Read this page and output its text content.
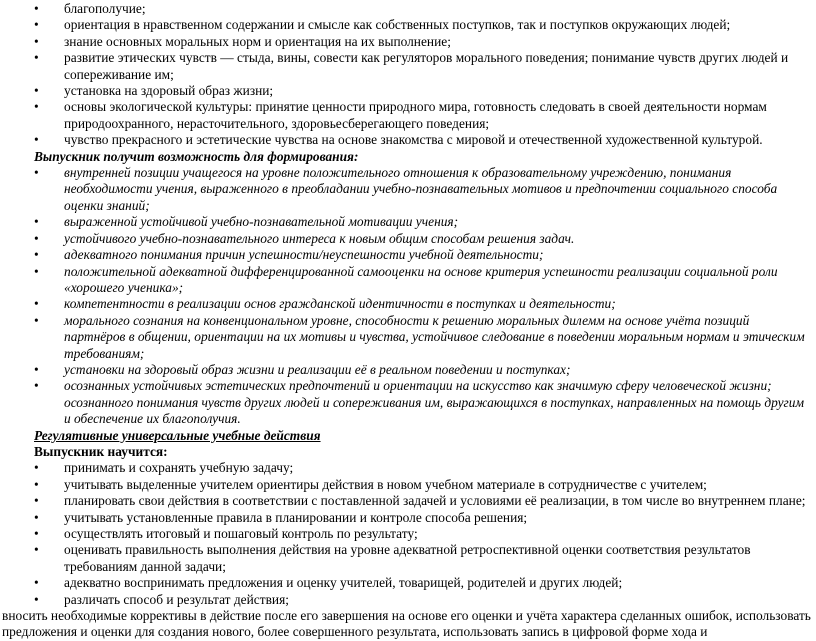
• благополучие;

• ориентация в нравственном содержании и смысле как собственных поступков, так и поступков окружающих людей;

• знание основных моральных норм и ориентация на их выполнение;

• развитие этических чувств — стыда, вины, совести как регуляторов морального поведения; понимание чувств других людей и сопереживание им;

• установка на здоровый образ жизни;

• основы экологической культуры: принятие ценности природного мира, готовность следовать в своей деятельности нормам природоохранного, нерасточительного, здоровьесберегающего поведения;

• чувство прекрасного и эстетические чувства на основе знакомства с мировой и отечественной художественной культурой.

Выпускник получит возможность для формирования:

• внутренней позиции учащегося на уровне положительного отношения к образовательному учреждению, понимания необходимости учения, выраженного в преобладании учебно-познавательных мотивов и предпочтении социального способа оценки знаний;

• выраженной устойчивой учебно-познавательной мотивации учения;

• устойчивого учебно-познавательного интереса к новым общим способам решения задач.

• адекватного понимания причин успешности/неуспешности учебной деятельности;

• положительной адекватной дифференцированной самооценки на основе критерия успешности реализации социальной роли «хорошего ученика»;

• компетентности в реализации основ гражданской идентичности в поступках и деятельности;

• морального сознания на конвенциональном уровне, способности к решению моральных дилемм на основе учёта позиций партнёров в общении, ориентации на их мотивы и чувства, устойчивое следование в поведении моральным нормам и этическим требованиям;

• установки на здоровый образ жизни и реализации её в реальном поведении и поступках;

• осознанных устойчивых эстетических предпочтений и ориентации на искусство как значимую сферу человеческой жизни; осознанного понимания чувств других людей и сопереживания им, выражающихся в поступках, направленных на помощь другим и обеспечение их благополучия.

Регулятивные универсальные учебные действия

Выпускник научится:

• принимать и сохранять учебную задачу;

• учитывать выделенные учителем ориентиры действия в новом учебном материале в сотрудничестве с учителем;

• планировать свои действия в соответствии с поставленной задачей и условиями её реализации, в том числе во внутреннем плане;

• учитывать установленные правила в планировании и контроле способа решения;

• осуществлять итоговый и пошаговый контроль по результату;

• оценивать правильность выполнения действия на уровне адекватной ретроспективной оценки соответствия результатов требованиям данной задачи;

• адекватно воспринимать предложения и оценку учителей, товарищей, родителей и других людей;

• различать способ и результат действия;

вносить необходимые коррективы в действие после его завершения на основе его оценки и учёта характера сделанных ошибок, использовать предложения и оценки для создания нового, более совершенного результата, использовать запись в цифровой форме хода и
